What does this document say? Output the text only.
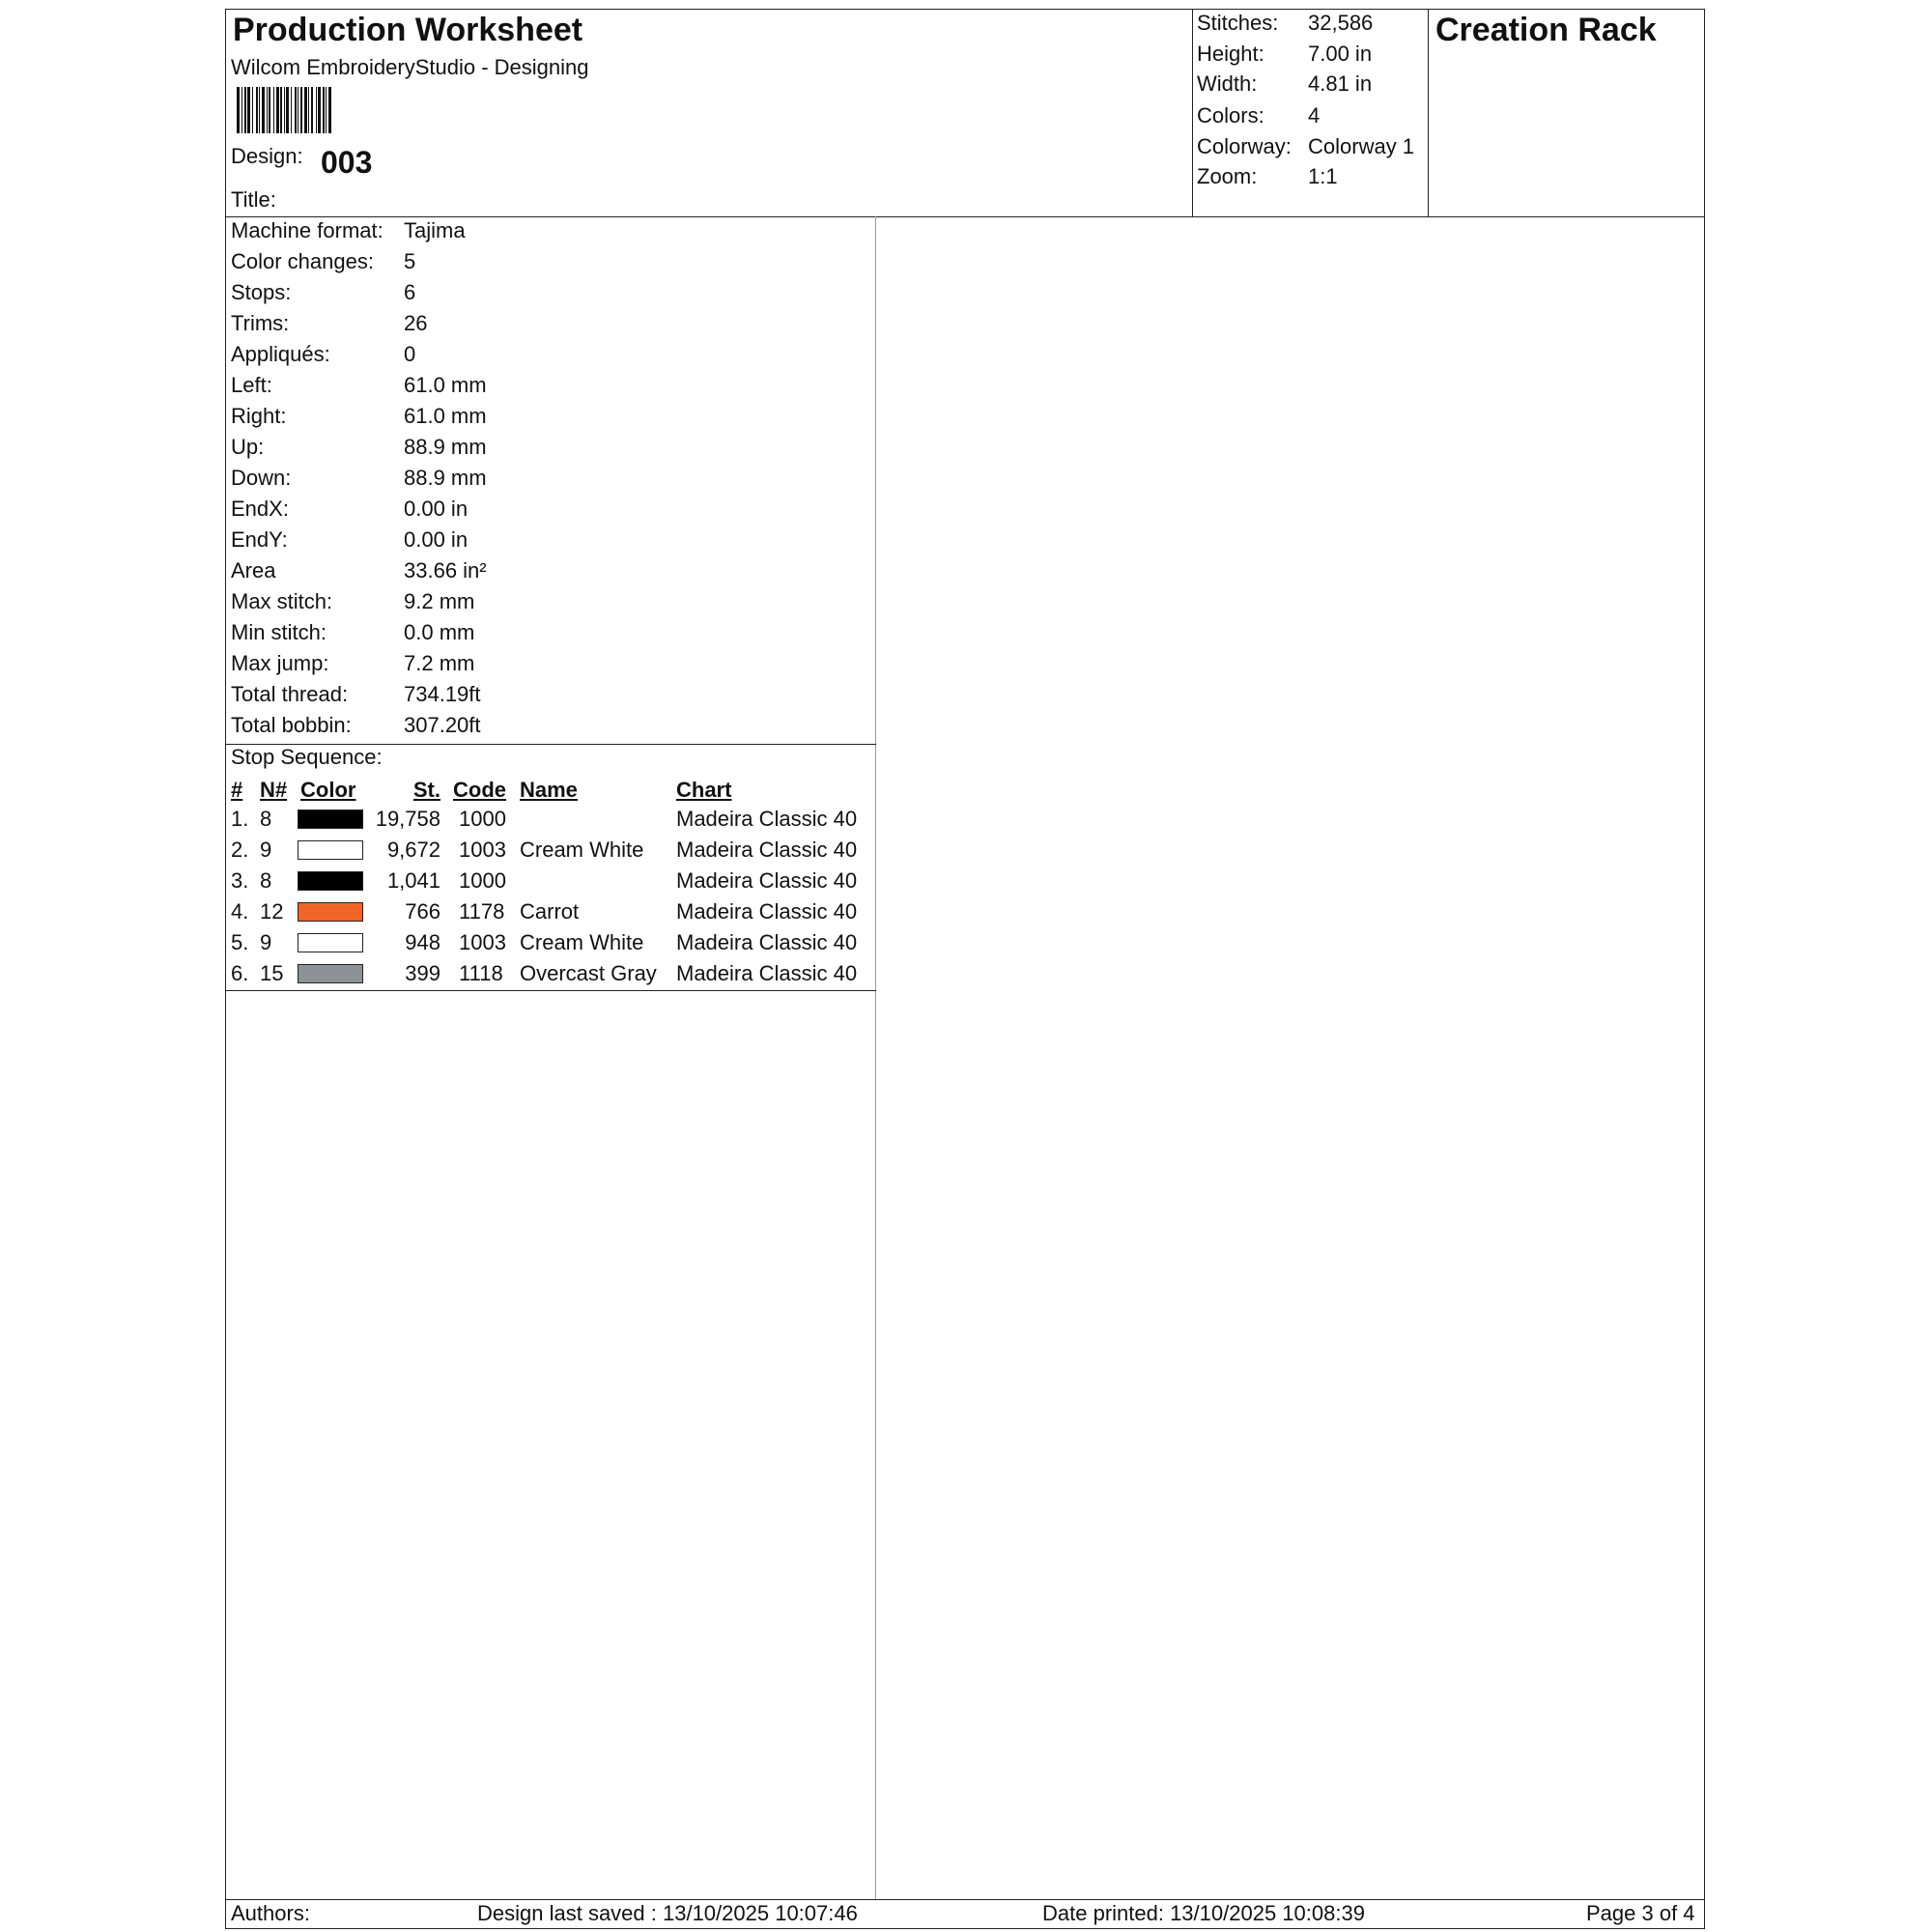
Production Worksheet
Wilcom EmbroideryStudio - Designing
Design: 003
Title:
Stitches: 32,586
Height: 7.00 in
Width: 4.81 in
Colors: 4
Colorway: Colorway 1
Zoom: 1:1
Creation Rack
Machine format: Tajima
Color changes: 5
Stops:	6
Trims:	26
Appliqués:	0
Left:	61.0 mm
Right:	61.0 mm
Up:	88.9 mm
Down:	88.9 mm
EndX:	0.00 in
EndY:	0.00 in
Area	33.66 in²
Max stitch:	9.2 mm
Min stitch:	0.0 mm
Max jump:	7.2 mm
Total thread:	734.19ft
Total bobbin: 307.20ft
Stop Sequence:
# N# Color	St. Code Name	Chart
1. 8	19,758 1000	Madeira Classic 40
2. 9	9,672 1003 Cream White Madeira Classic 40
3. 8	1,041 1000	Madeira Classic 40
4. 12	766 1178 Carrot	Madeira Classic 40
5. 9	948 1003 Cream White Madeira Classic 40
6. 15	399 1118 Overcast Gray Madeira Classic 40
Authors:	Design last saved : 13/10/2025 10:07:46	Date printed: 13/10/2025 10:08:39	Page 3 of 4
